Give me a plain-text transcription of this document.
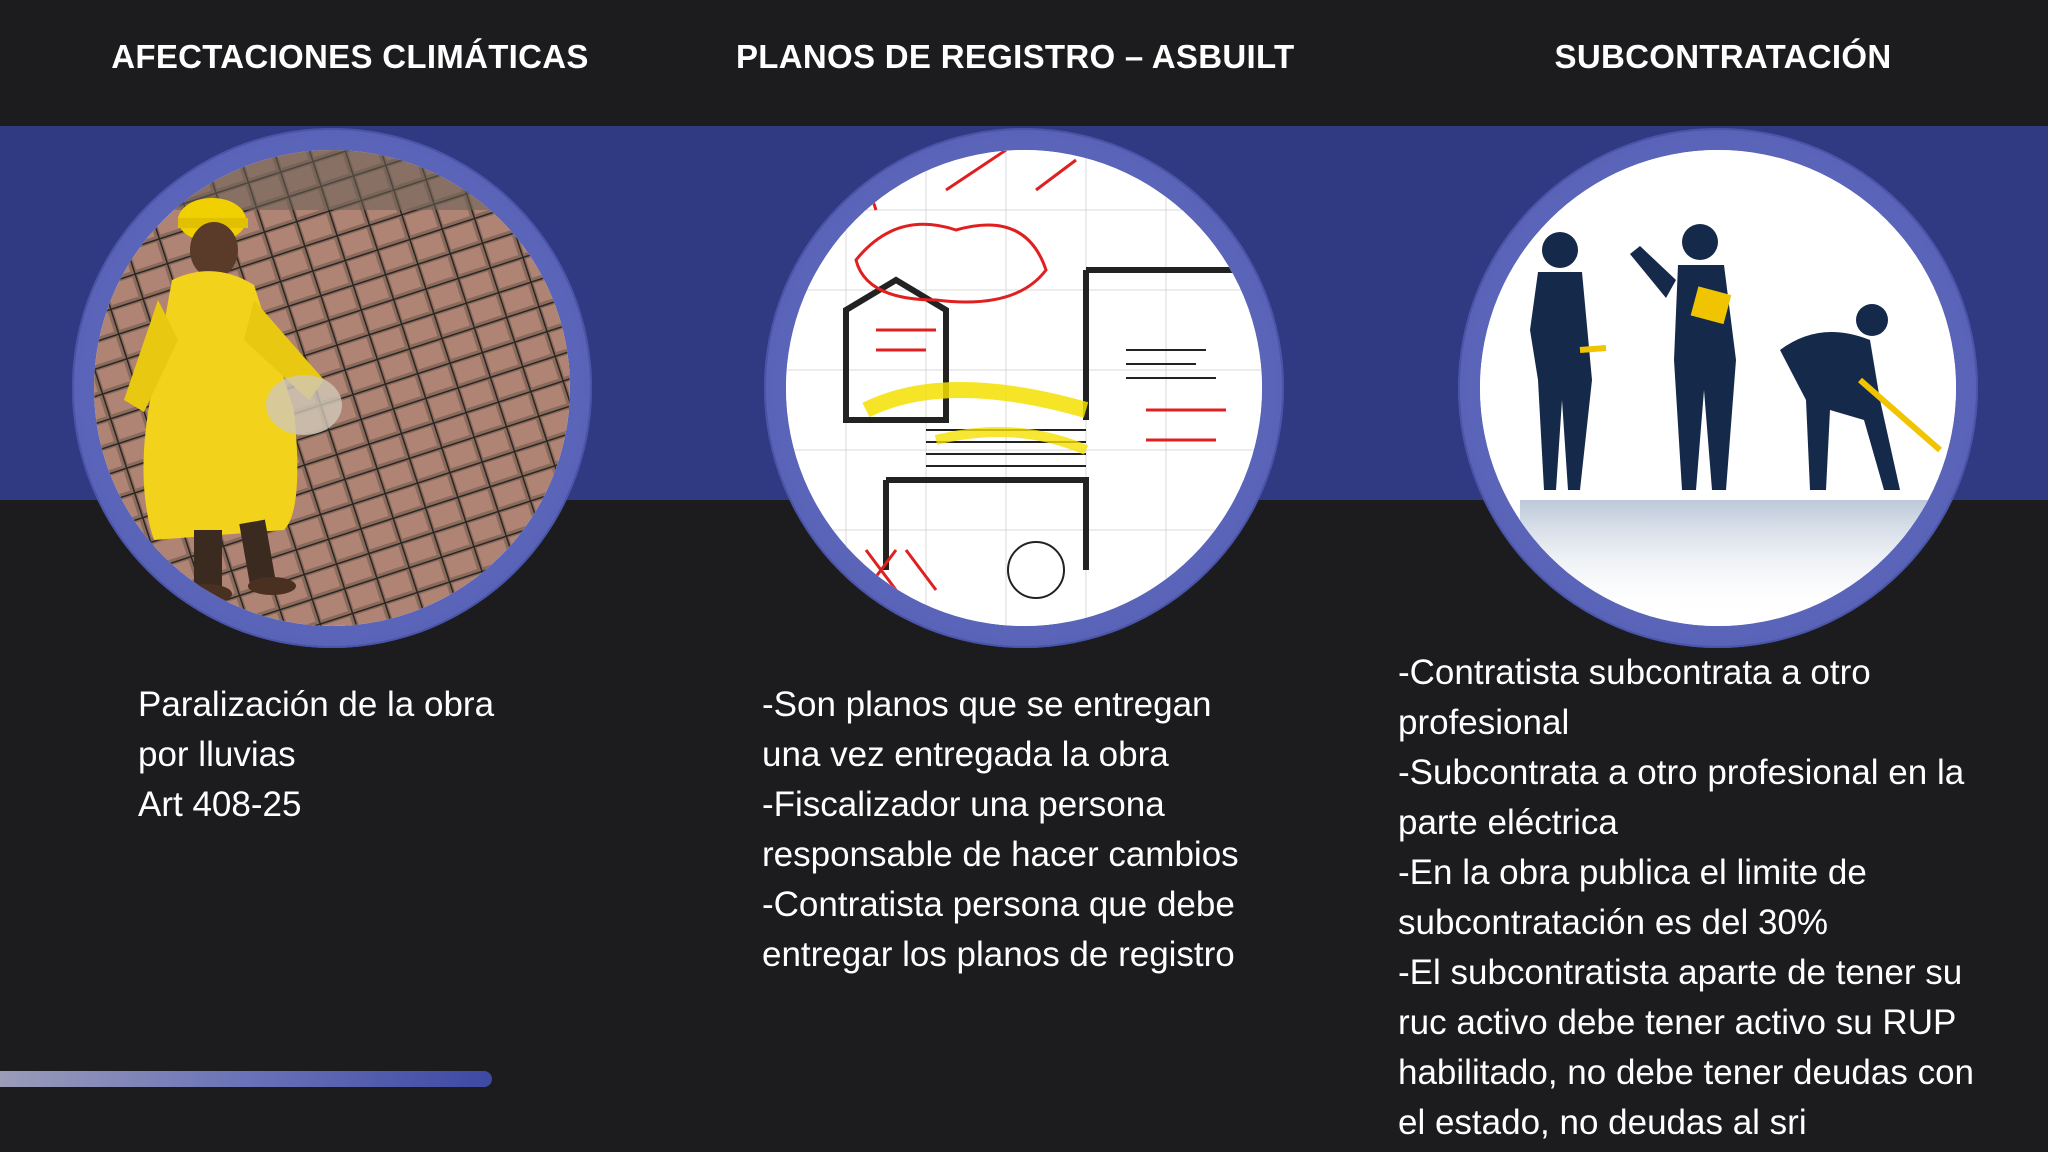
AFECTACIONES CLIMÁTICAS	PLANOS DE REGISTRO – ASBUILT	SUBCONTRATACIÓN
Paralización de la obra
por lluvias
Art 408-25
-Son planos que se entregan
una vez entregada la obra
-Fiscalizador una persona
responsable de hacer cambios
-Contratista persona que debe
entregar los planos de registro
-Contratista subcontrata a otro
profesional
-Subcontrata a otro profesional en la
parte eléctrica
-En la obra publica el limite de
subcontratación es del 30%
-El subcontratista aparte de tener su
ruc activo debe tener activo su RUP
habilitado, no debe tener deudas con
el estado, no deudas al sri
